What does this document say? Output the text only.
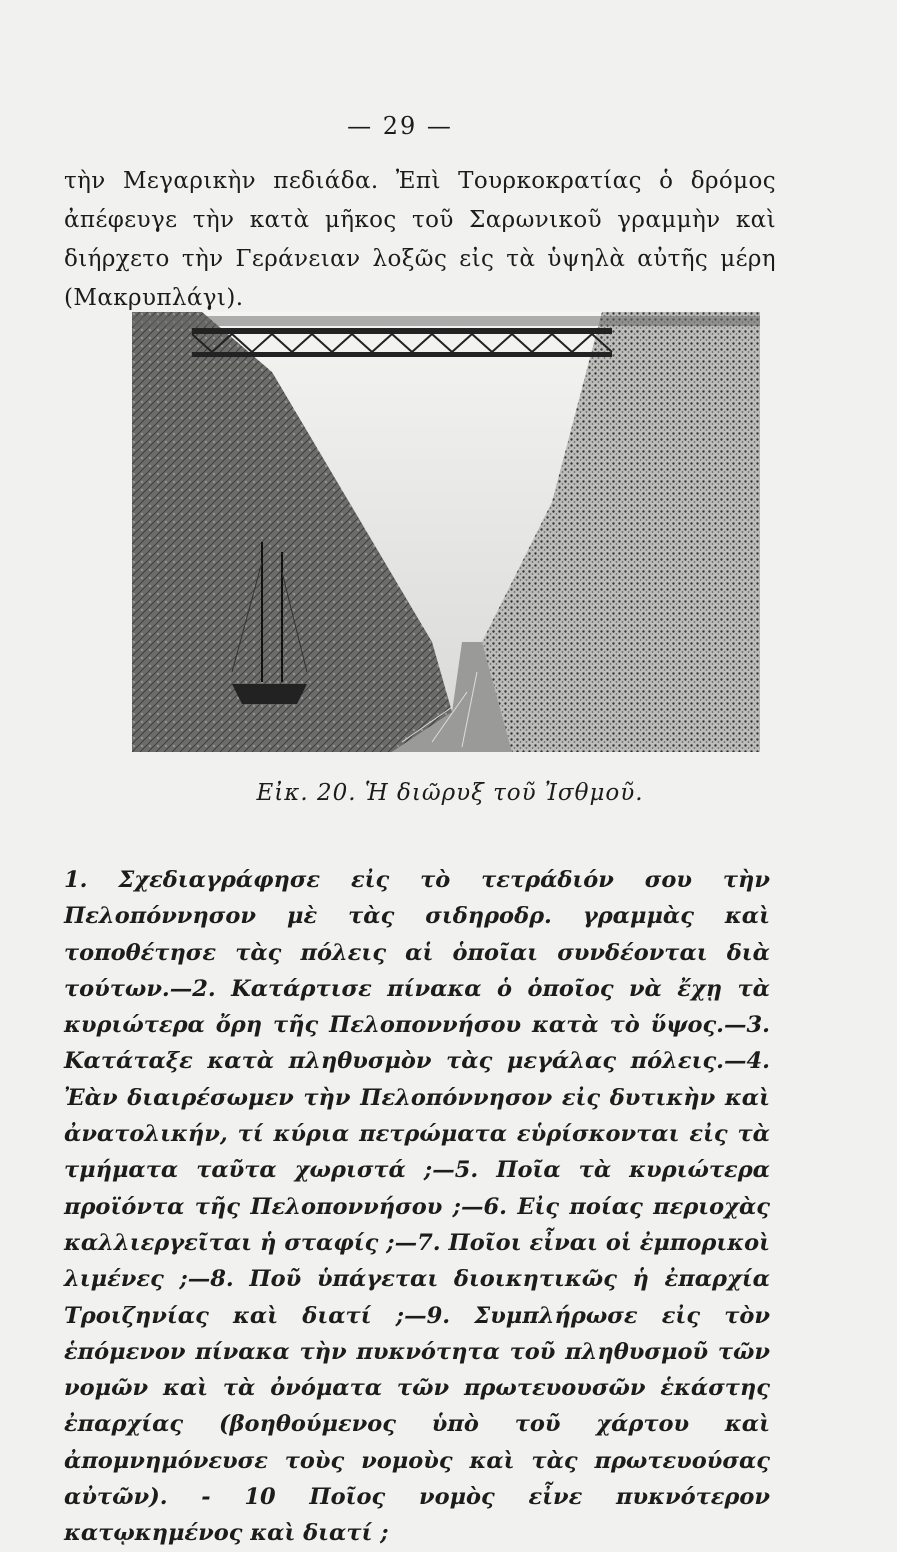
— 29 —
τὴν Μεγαρικὴν πεδιάδα. Ἐπὶ Τουρκοκρατίας ὁ δρόμος ἀπέφευγε τὴν κατὰ μῆκος τοῦ Σαρωνικοῦ γραμμὴν καὶ διήρχετο τὴν Γεράνειαν λοξῶς εἰς τὰ ὑψηλὰ αὐτῆς μέρη (Μακρυπλάγι).
Εἰκ. 20. Ἡ διῶρυξ τοῦ Ἰσθμοῦ.
1. Σχεδιαγράφησε εἰς τὸ τετράδιόν σου τὴν Πελοπόννησον μὲ τὰς σιδηροδρ. γραμμὰς καὶ τοποθέτησε τὰς πόλεις αἱ ὁποῖαι συνδέονται διὰ τούτων.—2. Κατάρτισε πίνακα ὁ ὁποῖος νὰ ἔχῃ τὰ κυριώτερα ὄρη τῆς Πελοποννήσου κατὰ τὸ ὕψος.—3. Κατάταξε κατὰ πληθυσμὸν τὰς μεγάλας πόλεις.—4. Ἐὰν διαιρέσωμεν τὴν Πελοπόννησον εἰς δυτικὴν καὶ ἀνατολικήν, τί κύρια πετρώματα εὑρίσκονται εἰς τὰ τμήματα ταῦτα χωριστά ;—5. Ποῖα τὰ κυριώτερα προϊόντα τῆς Πελοποννήσου ;—6. Εἰς ποίας περιοχὰς καλλιεργεῖται ἡ σταφίς ;—7. Ποῖοι εἶναι οἱ ἐμπορικοὶ λιμένες ;—8. Ποῦ ὑπάγεται διοικητικῶς ἡ ἐπαρχία Τροιζηνίας καὶ διατί ;—9. Συμπλήρωσε εἰς τὸν ἑπόμενον πίνακα τὴν πυκνότητα τοῦ πληθυσμοῦ τῶν νομῶν καὶ τὰ ὀνόματα τῶν πρωτευουσῶν ἑκάστης ἐπαρχίας (βοηθούμενος ὑπὸ τοῦ χάρτου καὶ ἀπομνημόνευσε τοὺς νομοὺς καὶ τὰς πρωτευούσας αὐτῶν). - 10 Ποῖος νομὸς εἶνε πυκνότερον κατῳκημένος καὶ διατί ;
